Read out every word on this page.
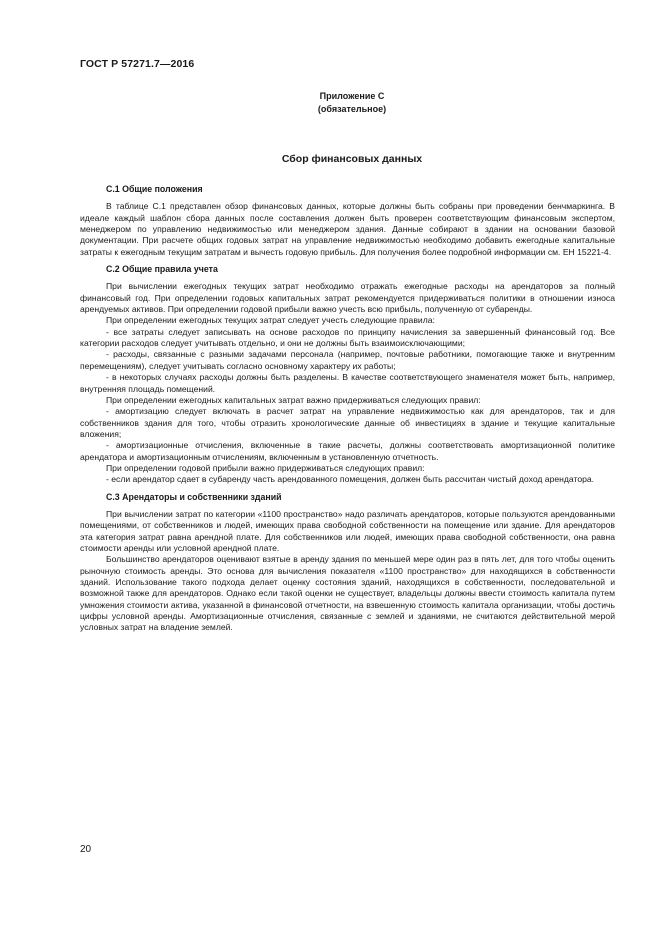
ГОСТ Р 57271.7—2016
Приложение С
(обязательное)
Сбор финансовых данных
С.1 Общие положения

В таблице С.1 представлен обзор финансовых данных, которые должны быть собраны при проведении бенчмаркинга. В идеале каждый шаблон сбора данных после составления должен быть проверен соответствующим финансовым экспертом, менеджером по управлению недвижимостью или менеджером здания. Данные собирают в здании на основании базовой документации. При расчете общих годовых затрат на управление недвижимостью необходимо добавить ежегодные капитальные затраты к ежегодным текущим затратам и вычесть годовую прибыль. Для получения более подробной информации см. ЕН 15221-4.

С.2 Общие правила учета

При вычислении ежегодных текущих затрат необходимо отражать ежегодные расходы на арендаторов за полный финансовый год. При определении годовых капитальных затрат рекомендуется придерживаться политики в отношении износа арендуемых активов. При определении годовой прибыли важно учесть всю прибыль, полученную от субаренды.

При определении ежегодных текущих затрат следует учесть следующие правила:

- все затраты следует записывать на основе расходов по принципу начисления за завершенный финансовый год. Все категории расходов следует учитывать отдельно, и они не должны быть взаимоисключающими;

- расходы, связанные с разными задачами персонала (например, почтовые работники, помогающие также и внутренним перемещениям), следует учитывать согласно основному характеру их работы;

- в некоторых случаях расходы должны быть разделены. В качестве соответствующего знаменателя может быть, например, внутренняя площадь помещений.

При определении ежегодных капитальных затрат важно придерживаться следующих правил:

- амортизацию следует включать в расчет затрат на управление недвижимостью как для арендаторов, так и для собственников здания для того, чтобы отразить хронологические данные об инвестициях в здание и текущие капитальные вложения;

- амортизационные отчисления, включенные в такие расчеты, должны соответствовать амортизационной политике арендатора и амортизационным отчислениям, включенным в установленную отчетность.

При определении годовой прибыли важно придерживаться следующих правил:

- если арендатор сдает в субаренду часть арендованного помещения, должен быть рассчитан чистый доход арендатора.

С.3 Арендаторы и собственники зданий

При вычислении затрат по категории «1100 пространство» надо различать арендаторов, которые пользуются арендованными помещениями, от собственников и людей, имеющих права свободной собственности на помещение или здание. Для арендаторов эта категория затрат равна арендной плате. Для собственников или людей, имеющих права свободной собственности, она равна стоимости аренды или условной арендной плате.

Большинство арендаторов оценивают взятые в аренду здания по меньшей мере один раз в пять лет, для того чтобы оценить рыночную стоимость аренды. Это основа для вычисления показателя «1100 пространство» для находящихся в собственности зданий. Использование такого подхода делает оценку состояния зданий, находящихся в собственности, последовательной и возможной также для арендаторов. Однако если такой оценки не существует, владельцы должны ввести стоимость капитала путем умножения стоимости актива, указанной в финансовой отчетности, на взвешенную стоимость капитала организации, чтобы достичь цифры условной аренды. Амортизационные отчисления, связанные с землей и зданиями, не считаются действительной мерой условных затрат на владение землей.

20
